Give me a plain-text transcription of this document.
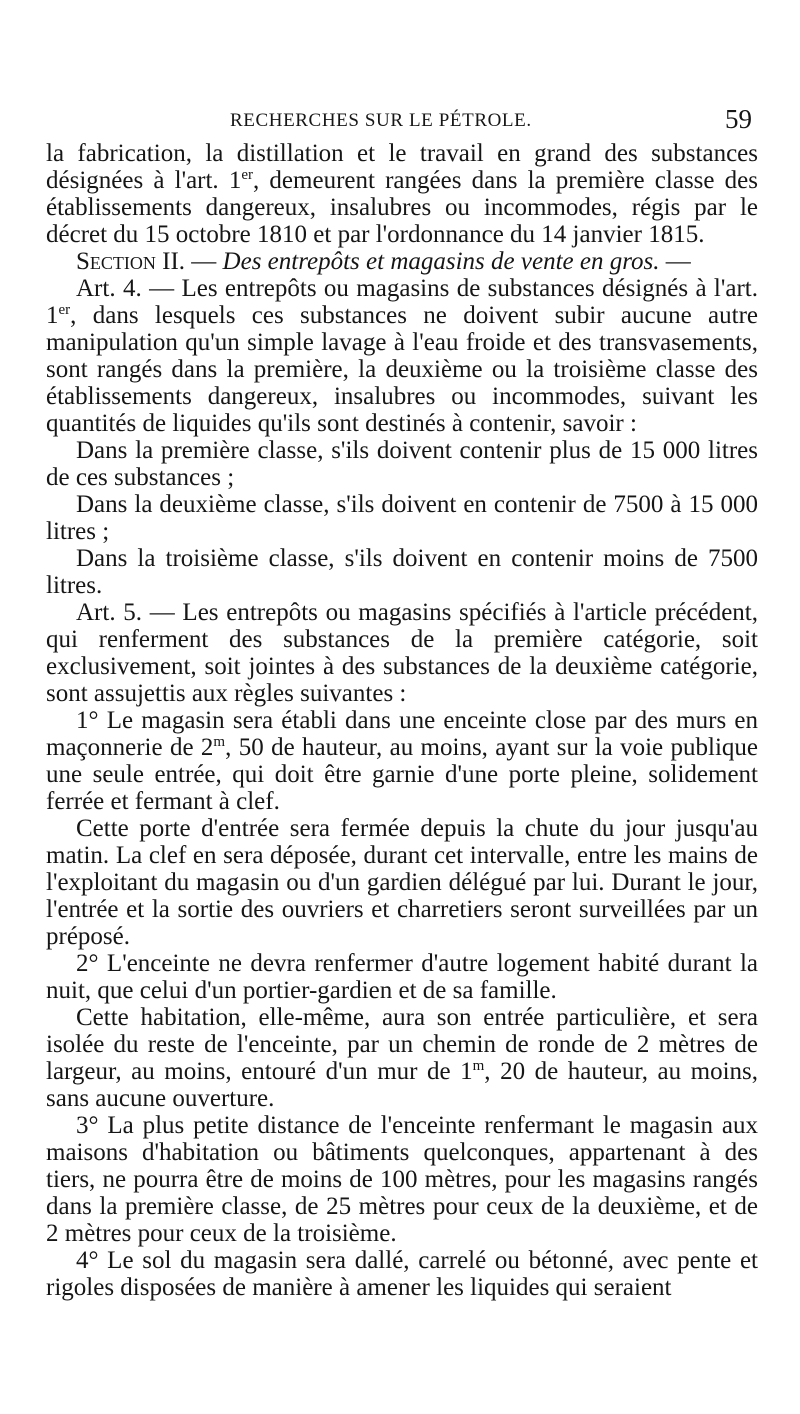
RECHERCHES SUR LE PÉTROLE.	59

la fabrication, la distillation et le travail en grand des substances désignées à l'art. 1er, demeurent rangées dans la première classe des établissements dangereux, insalubres ou incommodes, régis par le décret du 15 octobre 1810 et par l'ordonnance du 14 janvier 1815.

Section II. — Des entrepôts et magasins de vente en gros. —

Art. 4. — Les entrepôts ou magasins de substances désignés à l'art. 1er, dans lesquels ces substances ne doivent subir aucune autre manipulation qu'un simple lavage à l'eau froide et des transvasements, sont rangés dans la première, la deuxième ou la troisième classe des établissements dangereux, insalubres ou incommodes, suivant les quantités de liquides qu'ils sont destinés à contenir, savoir :

Dans la première classe, s'ils doivent contenir plus de 15 000 litres de ces substances ;

Dans la deuxième classe, s'ils doivent en contenir de 7500 à 15 000 litres ;

Dans la troisième classe, s'ils doivent en contenir moins de 7500 litres.

Art. 5. — Les entrepôts ou magasins spécifiés à l'article précédent, qui renferment des substances de la première catégorie, soit exclusivement, soit jointes à des substances de la deuxième catégorie, sont assujettis aux règles suivantes :

1° Le magasin sera établi dans une enceinte close par des murs en maçonnerie de 2$^m$, 50 de hauteur, au moins, ayant sur la voie publique une seule entrée, qui doit être garnie d'une porte pleine, solidement ferrée et fermant à clef.

Cette porte d'entrée sera fermée depuis la chute du jour jusqu'au matin. La clef en sera déposée, durant cet intervalle, entre les mains de l'exploitant du magasin ou d'un gardien délégué par lui. Durant le jour, l'entrée et la sortie des ouvriers et charretiers seront surveillées par un préposé.

2° L'enceinte ne devra renfermer d'autre logement habité durant la nuit, que celui d'un portier-gardien et de sa famille.

Cette habitation, elle-même, aura son entrée particulière, et sera isolée du reste de l'enceinte, par un chemin de ronde de 2 mètres de largeur, au moins, entouré d'un mur de 1$^m$, 20 de hauteur, au moins, sans aucune ouverture.

3° La plus petite distance de l'enceinte renfermant le magasin aux maisons d'habitation ou bâtiments quelconques, appartenant à des tiers, ne pourra être de moins de 100 mètres, pour les magasins rangés dans la première classe, de 25 mètres pour ceux de la deuxième, et de 2 mètres pour ceux de la troisième.

4° Le sol du magasin sera dallé, carrelé ou bétonné, avec pente et rigoles disposées de manière à amener les liquides qui seraient
